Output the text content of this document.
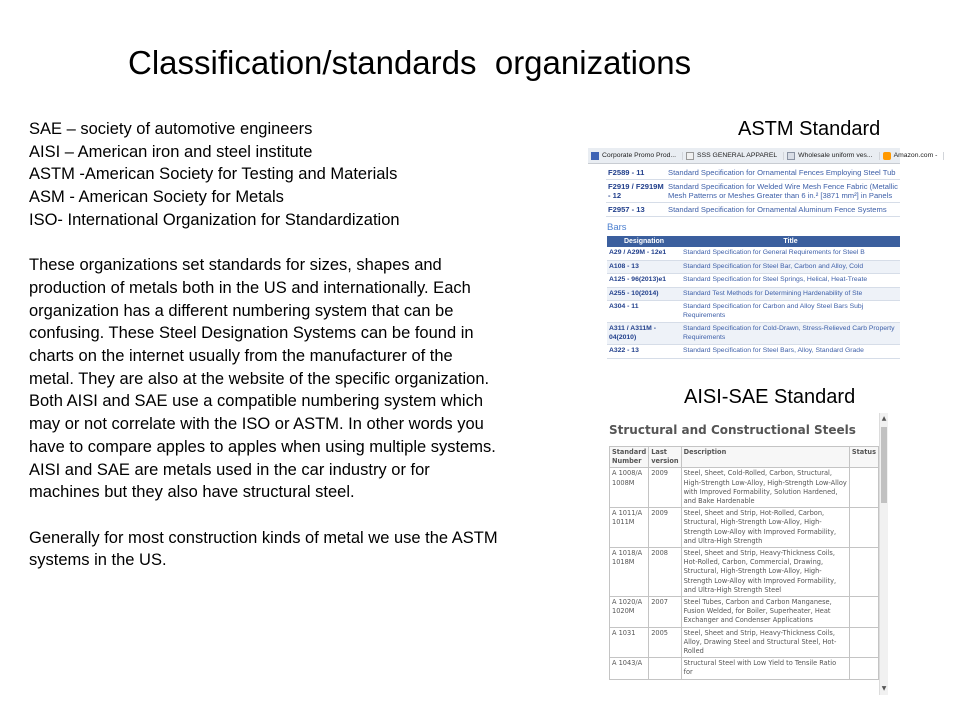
Classification/standards  organizations
SAE – society of automotive engineers
AISI – American iron and steel institute
ASTM -American Society for Testing and Materials
ASM - American Society for Metals
ISO- International Organization for Standardization
These organizations set standards for sizes, shapes and
production of metals both in the US and internationally. Each
organization has a different numbering system that can be
confusing. These Steel Designation Systems can be found in
charts on the internet usually from the manufacturer of the
metal. They are also at the website of the specific organization.
Both AISI and SAE use a compatible numbering system which
may or not correlate with the ISO or ASTM. In other words you
have to compare apples to apples when using multiple systems.
AISI and SAE are metals used in the car industry or for
machines but they also have structural steel.
Generally for most construction kinds of metal we use the ASTM
systems in the US.
ASTM Standard
AISI-SAE Standard
Corporate Promo Prod...	SSS GENERAL APPAREL	Wholesale uniform ves...	Amazon.com -
F2589 - 11	Standard Specification for Ornamental Fences Employing Steel Tub
F2919 / F2919M - 12	Standard Specification for Welded Wire Mesh Fence Fabric (Metallic Mesh Patterns or Meshes Greater than 6 in.² [3871 mm²] in Panels
F2957 - 13	Standard Specification for Ornamental Aluminum Fence Systems
Bars
Designation	Title
A29 / A29M - 12e1	Standard Specification for General Requirements for Steel B
A108 - 13	Standard Specification for Steel Bar, Carbon and Alloy, Cold
A125 - 96(2013)e1	Standard Specification for Steel Springs, Helical, Heat-Treate
A255 - 10(2014)	Standard Test Methods for Determining Hardenability of Ste
A304 - 11	Standard Specification for Carbon and Alloy Steel Bars Subj Requirements
A311 / A311M - 04(2010)	Standard Specification for Cold-Drawn, Stress-Relieved Carb Property Requirements
A322 - 13	Standard Specification for Steel Bars, Alloy, Standard Grade
Structural and Constructional Steels
Standard Number	Last version	Description	Status
A 1008/A 1008M	2009	Steel, Sheet, Cold-Rolled, Carbon, Structural, High-Strength Low-Alloy, High-Strength Low-Alloy with Improved Formability, Solution Hardened, and Bake Hardenable	
A 1011/A 1011M	2009	Steel, Sheet and Strip, Hot-Rolled, Carbon, Structural, High-Strength Low-Alloy, High-Strength Low-Alloy with Improved Formability, and Ultra-High Strength	
A 1018/A 1018M	2008	Steel, Sheet and Strip, Heavy-Thickness Coils, Hot-Rolled, Carbon, Commercial, Drawing, Structural, High-Strength Low-Alloy, High-Strength Low-Alloy with Improved Formability, and Ultra-High Strength Steel	
A 1020/A 1020M	2007	Steel Tubes, Carbon and Carbon Manganese, Fusion Welded, for Boiler, Superheater, Heat Exchanger and Condenser Applications	
A 1031	2005	Steel, Sheet and Strip, Heavy-Thickness Coils, Alloy, Drawing Steel and Structural Steel, Hot-Rolled	
A 1043/A		Structural Steel with Low Yield to Tensile Ratio for	
▲
▼
